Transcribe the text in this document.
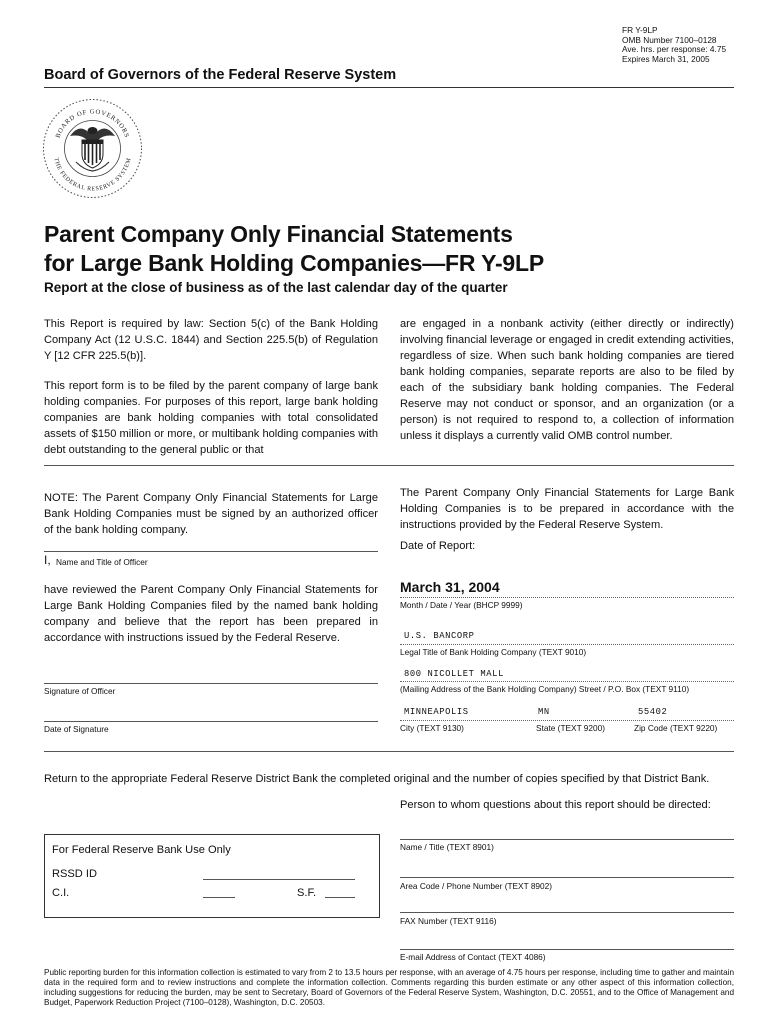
FR Y-9LP
OMB Number 7100–0128
Ave. hrs. per response: 4.75
Expires March 31, 2005
Board of Governors of the Federal Reserve System
BOARD OF GOVERNORS
THE FEDERAL RESERVE SYSTEM
Parent Company Only Financial Statements
for Large Bank Holding Companies—FR Y-9LP
Report at the close of business as of the last calendar day of the quarter

This Report is required by law: Section 5(c) of the Bank Holding Company Act (12 U.S.C. 1844) and Section 225.5(b) of Regulation Y [12 CFR 225.5(b)].

This report form is to be filed by the parent company of large bank holding companies. For purposes of this report, large bank holding companies are bank holding companies with total consolidated assets of $150 million or more, or multibank holding companies with debt outstanding to the general public or that

are engaged in a nonbank activity (either directly or indirectly) involving financial leverage or engaged in credit extending activities, regardless of size. When such bank holding companies are tiered bank holding companies, separate reports are also to be filed by each of the subsidiary bank holding companies. The Federal Reserve may not conduct or sponsor, and an organization (or a person) is not required to respond to, a collection of information unless it displays a currently valid OMB control number.

NOTE: The Parent Company Only Financial Statements for Large Bank Holding Companies must be signed by an authorized officer of the bank holding company.
I, Name and Title of Officer
have reviewed the Parent Company Only Financial Statements for Large Bank Holding Companies filed by the named bank holding company and believe that the report has been prepared in accordance with instructions issued by the Federal Reserve.
Signature of Officer
Date of Signature
The Parent Company Only Financial Statements for Large Bank Holding Companies is to be prepared in accordance with the instructions provided by the Federal Reserve System.
Date of Report:
March 31, 2004
Month / Date / Year (BHCP 9999)
U.S. BANCORP
Legal Title of Bank Holding Company (TEXT 9010)
800 NICOLLET MALL
(Mailing Address of the Bank Holding Company) Street / P.O. Box (TEXT 9110)
MINNEAPOLIS	MN	55402
City (TEXT 9130)	State (TEXT 9200)	Zip Code (TEXT 9220)
Return to the appropriate Federal Reserve District Bank the completed original and the number of copies specified by that District Bank.
Person to whom questions about this report should be directed:
For Federal Reserve Bank Use Only
RSSD ID
C.I.	S.F.
Name / Title (TEXT 8901)
Area Code / Phone Number (TEXT 8902)
FAX Number (TEXT 9116)
E-mail Address of Contact (TEXT 4086)
Public reporting burden for this information collection is estimated to vary from 2 to 13.5 hours per response, with an average of 4.75 hours per response, including time to gather and maintain data in the required form and to review instructions and complete the information collection. Comments regarding this burden estimate or any other aspect of this information collection, including suggestions for reducing the burden, may be sent to Secretary, Board of Governors of the Federal Reserve System, Washington, D.C. 20551, and to the Office of Management and Budget, Paperwork Reduction Project (7100–0128), Washington, D.C. 20503.
